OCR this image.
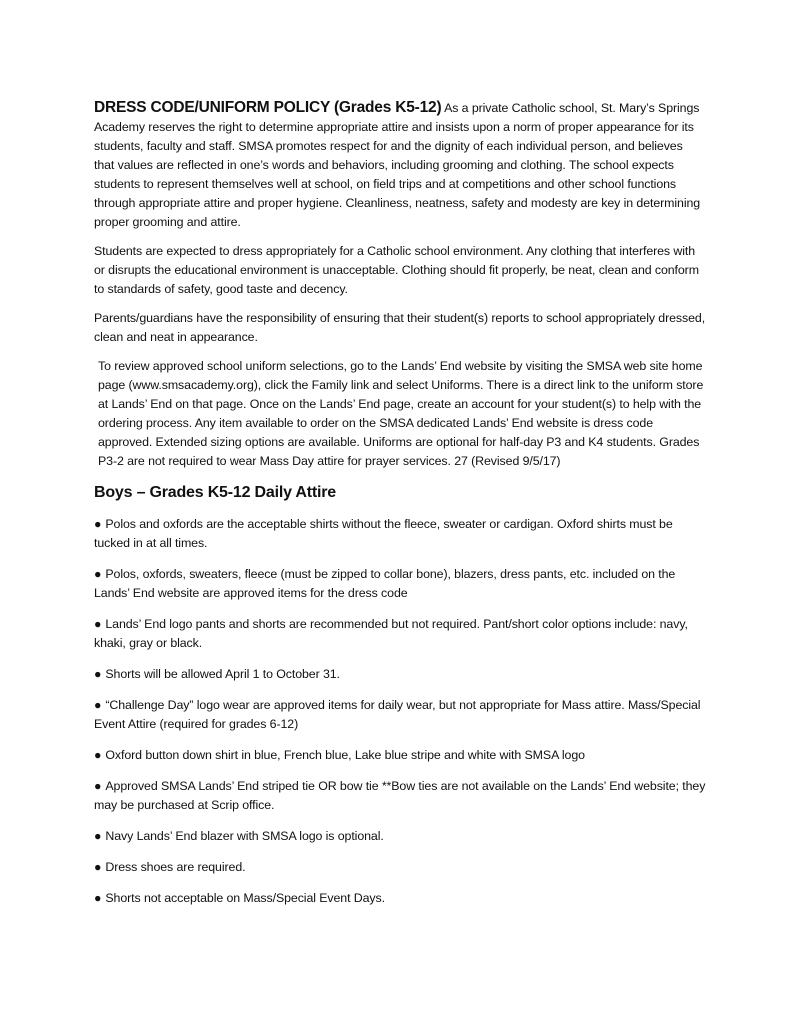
DRESS CODE/UNIFORM POLICY (Grades K5-12) As a private Catholic school, St. Mary’s Springs Academy reserves the right to determine appropriate attire and insists upon a norm of proper appearance for its students, faculty and staff. SMSA promotes respect for and the dignity of each individual person, and believes that values are reflected in one’s words and behaviors, including grooming and clothing. The school expects students to represent themselves well at school, on field trips and at competitions and other school functions through appropriate attire and proper hygiene. Cleanliness, neatness, safety and modesty are key in determining proper grooming and attire.

Students are expected to dress appropriately for a Catholic school environment. Any clothing that interferes with or disrupts the educational environment is unacceptable. Clothing should fit properly, be neat, clean and conform to standards of safety, good taste and decency.

Parents/guardians have the responsibility of ensuring that their student(s) reports to school appropriately dressed, clean and neat in appearance.

To review approved school uniform selections, go to the Lands’ End website by visiting the SMSA web site home page (www.smsacademy.org), click the Family link and select Uniforms. There is a direct link to the uniform store at Lands’ End on that page. Once on the Lands’ End page, create an account for your student(s) to help with the ordering process. Any item available to order on the SMSA dedicated Lands’ End website is dress code approved. Extended sizing options are available. Uniforms are optional for half-day P3 and K4 students. Grades P3-2 are not required to wear Mass Day attire for prayer services. 27 (Revised 9/5/17)

Boys – Grades K5-12 Daily Attire
● Polos and oxfords are the acceptable shirts without the fleece, sweater or cardigan. Oxford shirts must be tucked in at all times.
● Polos, oxfords, sweaters, fleece (must be zipped to collar bone), blazers, dress pants, etc. included on the Lands’ End website are approved items for the dress code
● Lands’ End logo pants and shorts are recommended but not required. Pant/short color options include: navy, khaki, gray or black.
● Shorts will be allowed April 1 to October 31.
● “Challenge Day” logo wear are approved items for daily wear, but not appropriate for Mass attire. Mass/Special Event Attire (required for grades 6-12)
● Oxford button down shirt in blue, French blue, Lake blue stripe and white with SMSA logo
● Approved SMSA Lands’ End striped tie OR bow tie **Bow ties are not available on the Lands’ End website; they may be purchased at Scrip office.
● Navy Lands’ End blazer with SMSA logo is optional.
● Dress shoes are required.
● Shorts not acceptable on Mass/Special Event Days.
